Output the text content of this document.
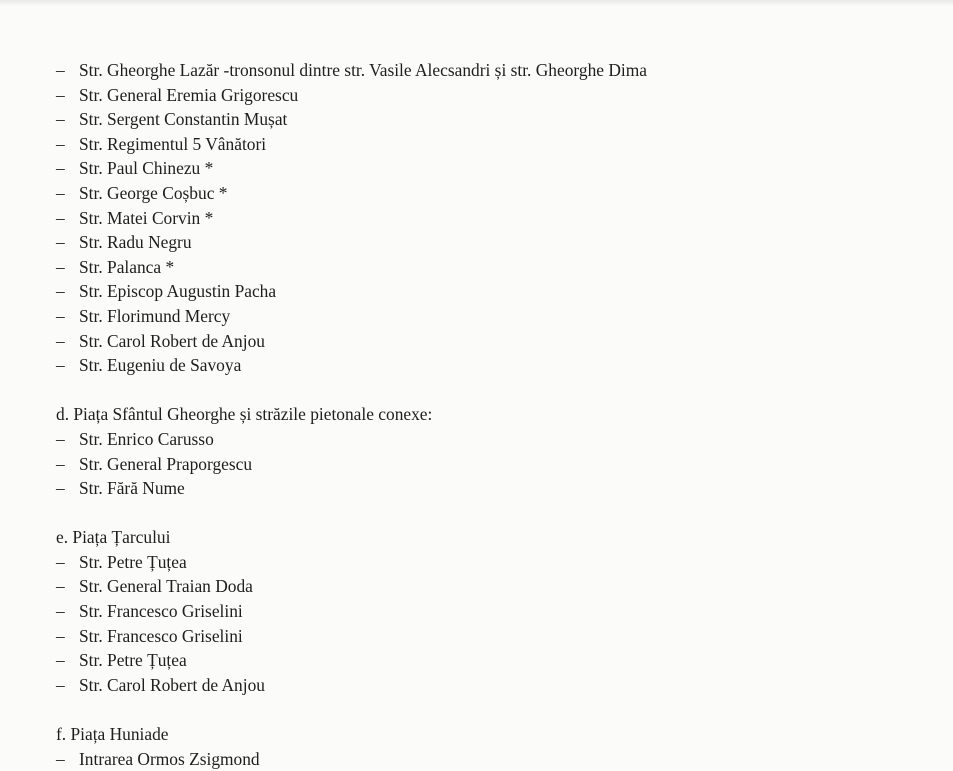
– Str. Gheorghe Lazăr -tronsonul dintre str. Vasile Alecsandri și str. Gheorghe Dima
– Str. General Eremia Grigorescu
– Str. Sergent Constantin Mușat
– Str. Regimentul 5 Vânători
– Str. Paul Chinezu *
– Str. George Coșbuc *
– Str. Matei Corvin *
– Str. Radu Negru
– Str. Palanca *
– Str. Episcop Augustin Pacha
– Str. Florimund Mercy
– Str. Carol Robert de Anjou
– Str. Eugeniu de Savoya
d. Piața Sfântul Gheorghe și străzile pietonale conexe:
– Str. Enrico Carusso
– Str. General Praporgescu
– Str. Fără Nume
e. Piața Țarcului
– Str. Petre Țuțea
– Str. General Traian Doda
– Str. Francesco Griselini
– Str. Francesco Griselini
– Str. Petre Țuțea
– Str. Carol Robert de Anjou
f. Piața Huniade
– Intrarea Ormos Zsigmond
